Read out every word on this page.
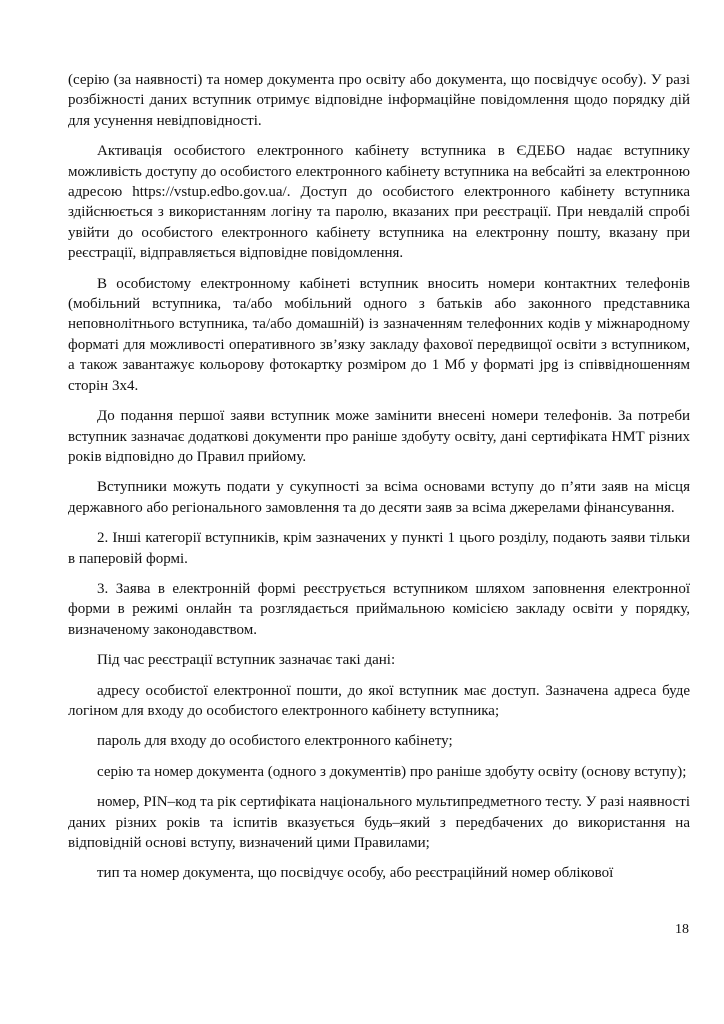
(серію (за наявності) та номер документа про освіту або документа, що посвідчує особу). У разі розбіжності даних вступник отримує відповідне інформаційне повідомлення щодо порядку дій для усунення невідповідності.

Активація особистого електронного кабінету вступника в ЄДЕБО надає вступнику можливість доступу до особистого електронного кабінету вступника на вебсайті за електронною адресою https://vstup.edbo.gov.ua/. Доступ до особистого електронного кабінету вступника здійснюється з використанням логіну та паролю, вказаних при реєстрації. При невдалій спробі увійти до особистого електронного кабінету вступника на електронну пошту, вказану при реєстрації, відправляється відповідне повідомлення.

В особистому електронному кабінеті вступник вносить номери контактних телефонів (мобільний вступника, та/або мобільний одного з батьків або законного представника неповнолітнього вступника, та/або домашній) із зазначенням телефонних кодів у міжнародному форматі для можливості оперативного зв’язку закладу фахової передвищої освіти з вступником, а також завантажує кольорову фотокартку розміром до 1 Мб у форматі jpg із співвідношенням сторін 3х4.

До подання першої заяви вступник може замінити внесені номери телефонів. За потреби вступник зазначає додаткові документи про раніше здобуту освіту, дані сертифіката НМТ різних років відповідно до Правил прийому.

Вступники можуть подати у сукупності за всіма основами вступу до п’яти заяв на місця державного або регіонального замовлення та до десяти заяв за всіма джерелами фінансування.

2. Інші категорії вступників, крім зазначених у пункті 1 цього розділу, подають заяви тільки в паперовій формі.

3. Заява в електронній формі реєструється вступником шляхом заповнення електронної форми в режимі онлайн та розглядається приймальною комісією закладу освіти у порядку, визначеному законодавством.

Під час реєстрації вступник зазначає такі дані:

адресу особистої електронної пошти, до якої вступник має доступ. Зазначена адреса буде логіном для входу до особистого електронного кабінету вступника;

пароль для входу до особистого електронного кабінету;

серію та номер документа (одного з документів) про раніше здобуту освіту (основу вступу);

номер, PIN–код та рік сертифіката національного мультипредметного тесту. У разі наявності даних різних років та іспитів вказується будь–який з передбачених до використання на відповідній основі вступу, визначений цими Правилами;

тип та номер документа, що посвідчує особу, або реєстраційний номер облікової

18
